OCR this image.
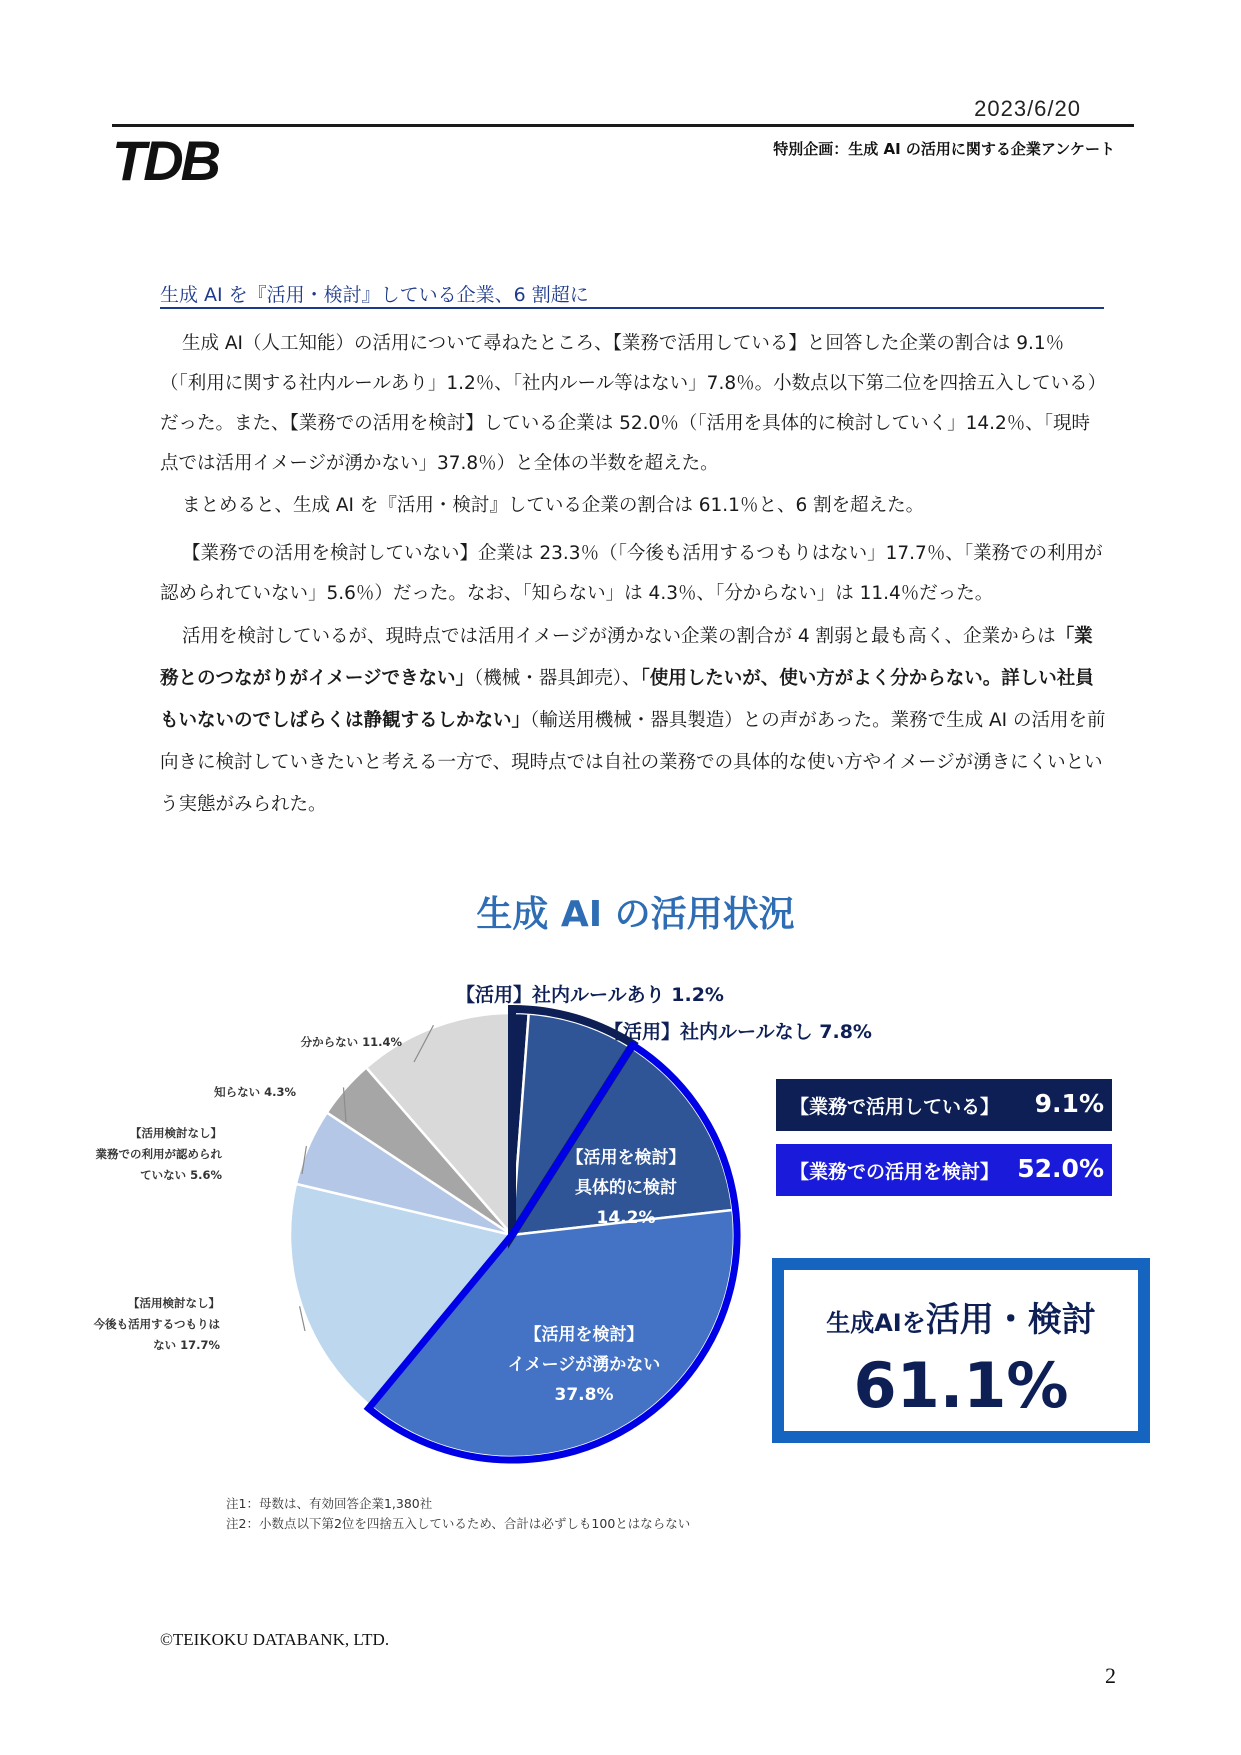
2023/6/20
TDB	特別企画：生成 AI の活用に関する企業アンケート
生成 AI を『活用・検討』している企業、6 割超に

生成 AI（人工知能）の活用について尋ねたところ、【業務で活用している】と回答した企業の割合は 9.1％（「利用に関する社内ルールあり」1.2％、「社内ルール等はない」7.8％。小数点以下第二位を四捨五入している）だった。また、【業務での活用を検討】している企業は 52.0％（「活用を具体的に検討していく」14.2％、「現時点では活用イメージが湧かない」37.8％）と全体の半数を超えた。

まとめると、生成 AI を『活用・検討』している企業の割合は 61.1％と、6 割を超えた。

【業務での活用を検討していない】企業は 23.3％（「今後も活用するつもりはない」17.7％、「業務での利用が認められていない」5.6％）だった。なお、「知らない」は 4.3％、「分からない」は 11.4％だった。

活用を検討しているが、現時点では活用イメージが湧かない企業の割合が 4 割弱と最も高く、企業からは「業務とのつながりがイメージできない」（機械・器具卸売）、「使用したいが、使い方がよく分からない。詳しい社員もいないのでしばらくは静観するしかない」（輸送用機械・器具製造）との声があった。業務で生成 AI の活用を前向きに検討していきたいと考える一方で、現時点では自社の業務での具体的な使い方やイメージが湧きにくいという実態がみられた。

生成 AI の活用状況
【活用】社内ルールあり 1.2%
【活用】社内ルールなし 7.8%
【活用を検討】具体的に検討 14.2%
【活用を検討】イメージが湧かない 37.8%
【活用検討なし】今後も活用するつもりはない 17.7%
【活用検討なし】業務での利用が認められていない 5.6%
知らない 4.3%
分からない 11.4%
【業務で活用している】 9.1%
【業務での活用を検討】 52.0%
生成AIを活用・検討
61.1%
注1：母数は、有効回答企業1,380社
注2：小数点以下第2位を四捨五入しているため、合計は必ずしも100とはならない
©TEIKOKU DATABANK, LTD.
2
